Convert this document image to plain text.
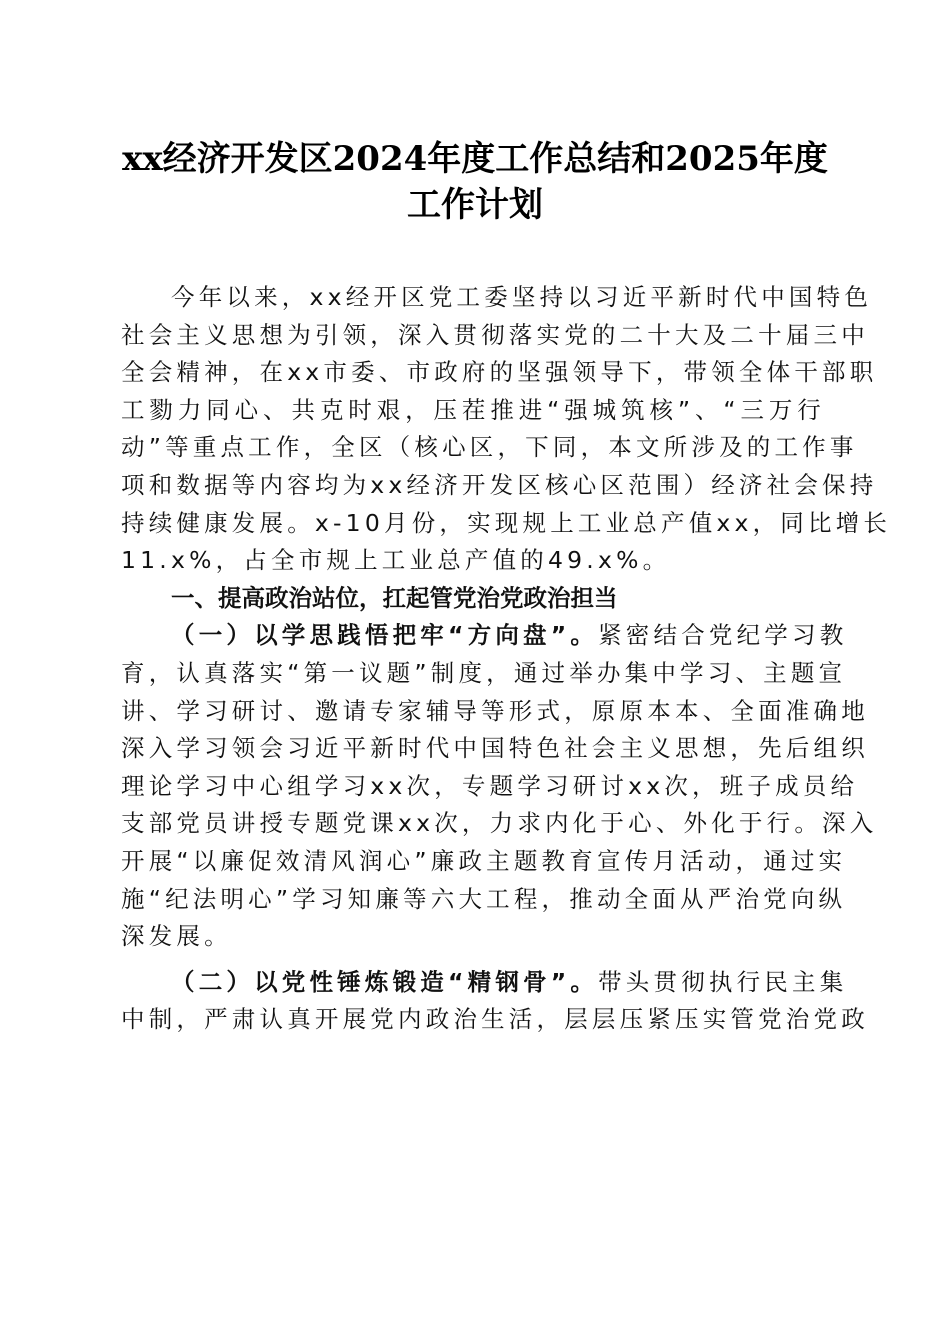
xx经济开发区2024年度工作总结和2025年度
工作计划
今年以来，xx经开区党工委坚持以习近平新时代中国特色
社会主义思想为引领，深入贯彻落实党的二十大及二十届三中
全会精神，在xx市委、市政府的坚强领导下，带领全体干部职
工勠力同心、共克时艰，压茬推进“强城筑核”、“三万行
动”等重点工作，全区（核心区，下同，本文所涉及的工作事
项和数据等内容均为xx经济开发区核心区范围）经济社会保持
持续健康发展。x-10月份，实现规上工业总产值xx，同比增长
11.x%，占全市规上工业总产值的49.x%。
一、提高政治站位，扛起管党治党政治担当
（一）以学思践悟把牢“方向盘”。紧密结合党纪学习教
育，认真落实“第一议题”制度，通过举办集中学习、主题宣
讲、学习研讨、邀请专家辅导等形式，原原本本、全面准确地
深入学习领会习近平新时代中国特色社会主义思想，先后组织
理论学习中心组学习xx次，专题学习研讨xx次，班子成员给
支部党员讲授专题党课xx次，力求内化于心、外化于行。深入
开展“以廉促效清风润心”廉政主题教育宣传月活动，通过实
施“纪法明心”学习知廉等六大工程，推动全面从严治党向纵
深发展。
（二）以党性锤炼锻造“精钢骨”。带头贯彻执行民主集
中制，严肃认真开展党内政治生活，层层压紧压实管党治党政
